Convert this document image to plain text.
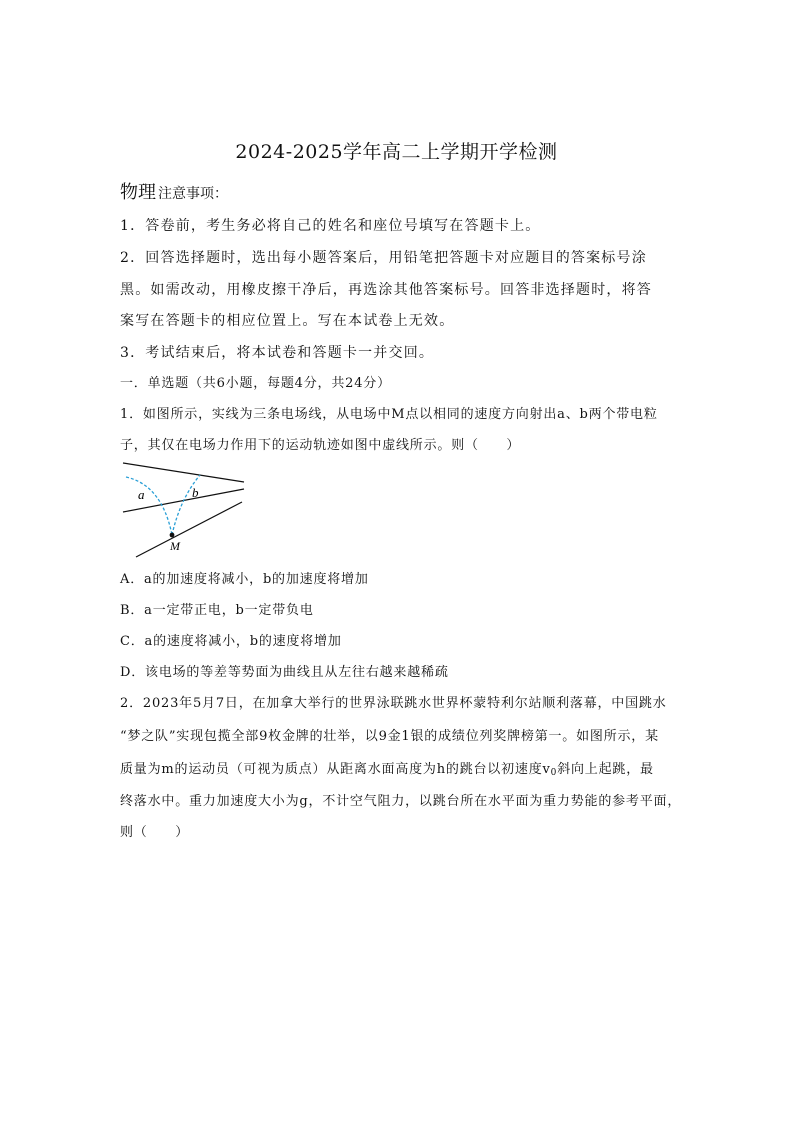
2024-2025学年高二上学期开学检测
物理 注意事项：
1．答卷前，考生务必将自己的姓名和座位号填写在答题卡上。
2．回答选择题时，选出每小题答案后，用铅笔把答题卡对应题目的答案标号涂
黑。如需改动，用橡皮擦干净后，再选涂其他答案标号。回答非选择题时，将答
案写在答题卡的相应位置上。写在本试卷上无效。
3．考试结束后，将本试卷和答题卡一并交回。
一．单选题（共6小题，每题4分，共24分）
1．如图所示，实线为三条电场线，从电场中M点以相同的速度方向射出a、b两个带电粒
子，其仅在电场力作用下的运动轨迹如图中虚线所示。则（　　）
a	b
M
A．a的加速度将减小，b的加速度将增加
B．a一定带正电，b一定带负电
C．a的速度将减小，b的速度将增加
D．该电场的等差等势面为曲线且从左往右越来越稀疏
2．2023年5月7日，在加拿大举行的世界泳联跳水世界杯蒙特利尔站顺利落幕，中国跳水
“梦之队”实现包揽全部9枚金牌的壮举，以9金1银的成绩位列奖牌榜第一。如图所示，某
质量为m的运动员（可视为质点）从距离水面高度为h的跳台以初速度$v_0$斜向上起跳，最
终落水中。重力加速度大小为g，不计空气阻力，以跳台所在水平面为重力势能的参考平面，
则（　　）
